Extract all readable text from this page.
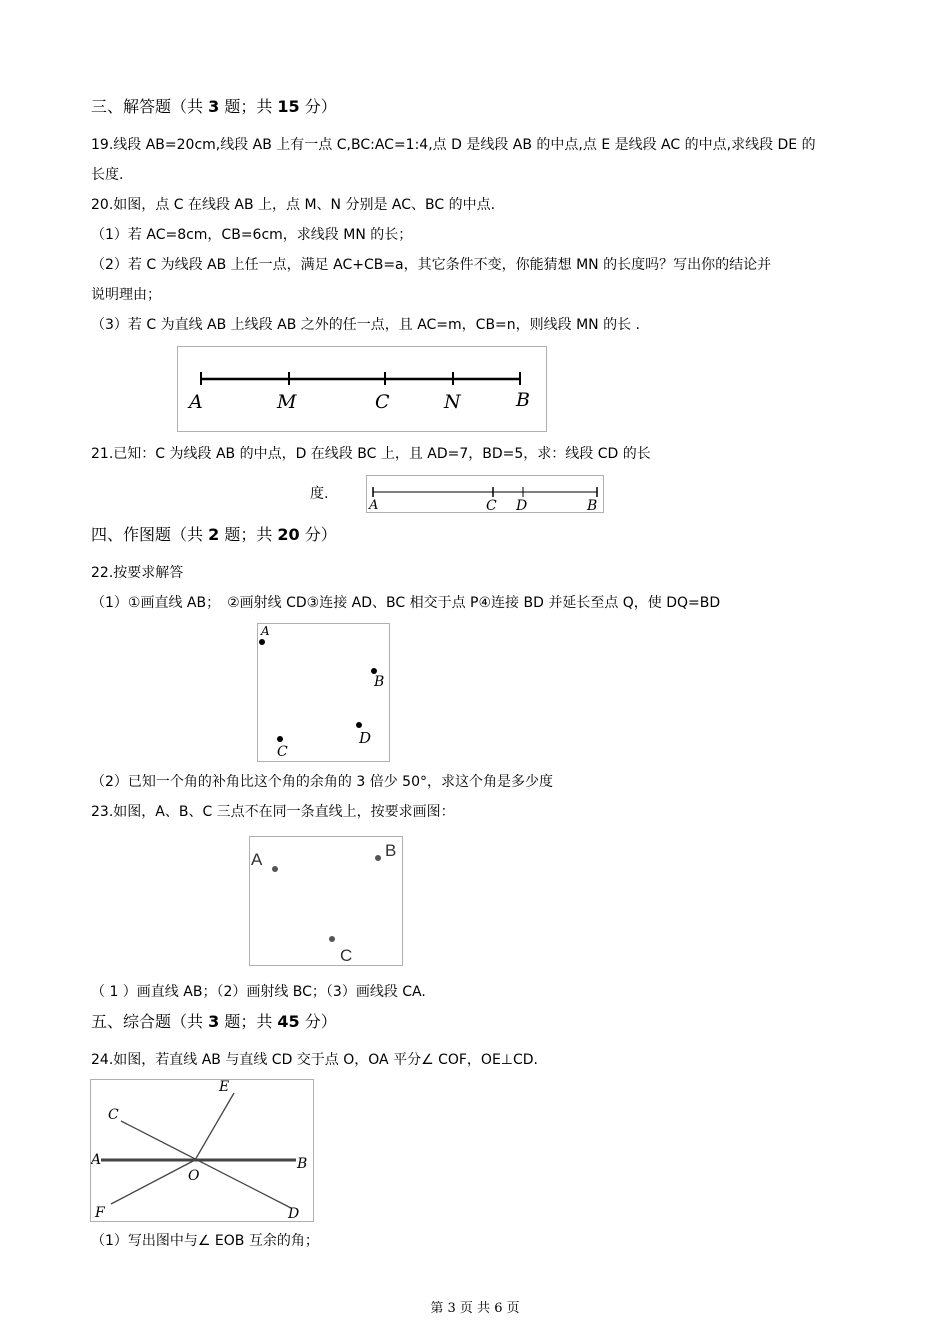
三、解答题（共 3 题；共 15 分）
19.线段 AB=20cm,线段 AB 上有一点 C,BC:AC=1:4,点 D 是线段 AB 的中点,点 E 是线段 AC 的中点,求线段 DE 的
长度.
20.如图，点 C 在线段 AB 上，点 M、N 分别是 AC、BC 的中点.
（1）若 AC=8cm，CB=6cm，求线段 MN 的长；
（2）若 C 为线段 AB 上任一点，满足 AC+CB=a，其它条件不变，你能猜想 MN 的长度吗？写出你的结论并
说明理由；
（3）若 C 为直线 AB 上线段 AB 之外的任一点，且 AC=m，CB=n，则线段 MN 的长 .
A	M	C	N	B
21.已知：C 为线段 AB 的中点，D 在线段 BC 上，且 AD=7，BD=5，求：线段 CD 的长
度.
A	C D	B
四、作图题（共 2 题；共 20 分）
22.按要求解答
（1）①画直线 AB；　②画射线 CD③连接 AD、BC 相交于点 P④连接 BD 并延长至点 Q，使 DQ=BD
A
B
C
D
（2）已知一个角的补角比这个角的余角的 3 倍少 50°，求这个角是多少度
23.如图，A、B、C 三点不在同一条直线上，按要求画图：
A	B
C
（ 1 ）画直线 AB；（2）画射线 BC；（3）画线段 CA.
五、综合题（共 3 题；共 45 分）
24.如图，若直线 AB 与直线 CD 交于点 O，OA 平分∠ COF，OE⊥CD.
E
C
A
O
B
F	D
（1）写出图中与∠ EOB 互余的角；
第 3 页 共 6 页
